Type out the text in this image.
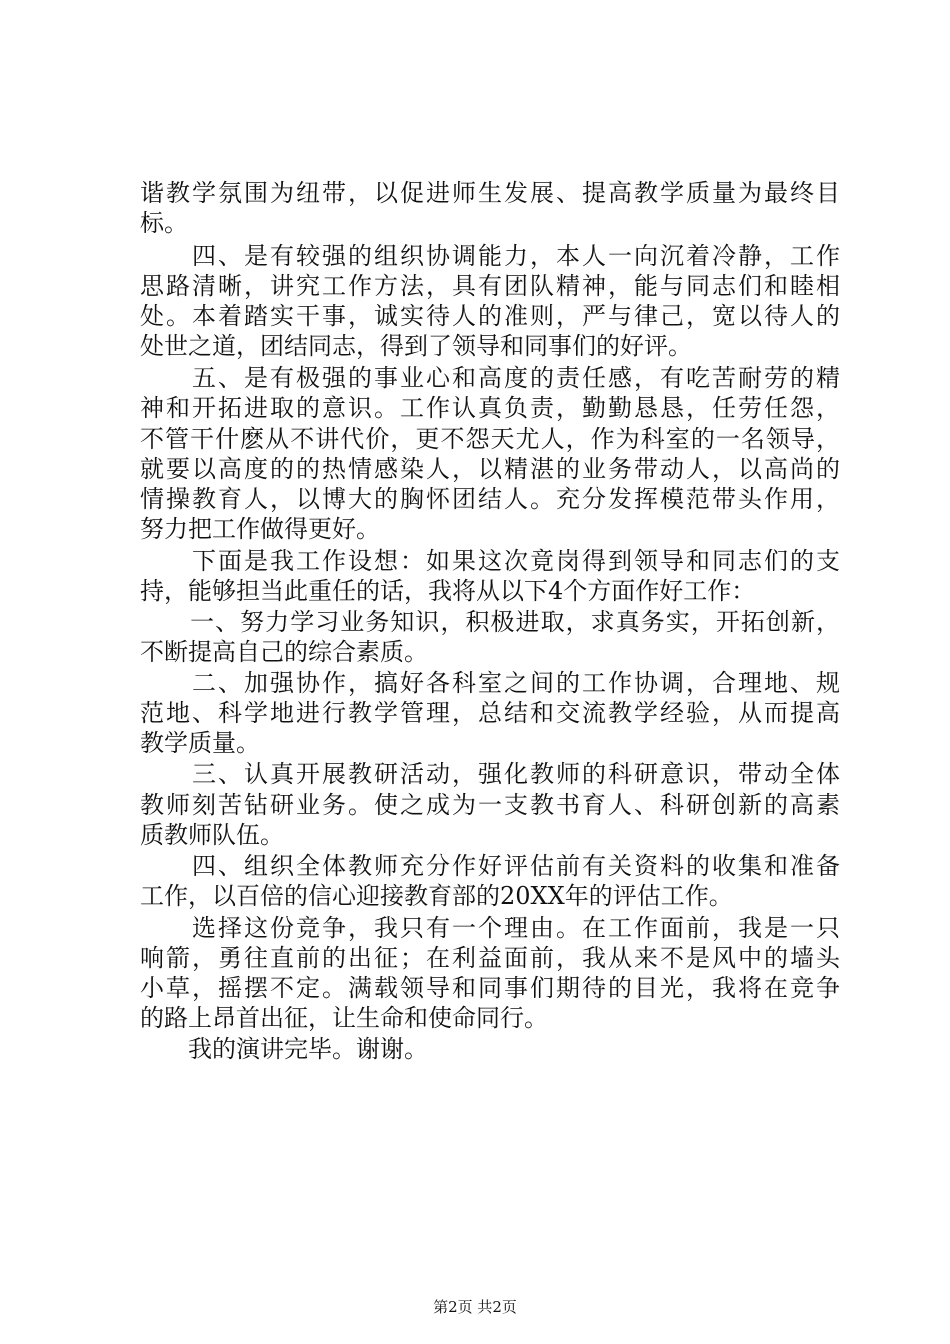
谐教学氛围为纽带，以促进师生发展、提高教学质量为最终目
标。
　　四、是有较强的组织协调能力，本人一向沉着冷静，工作
思路清晰，讲究工作方法，具有团队精神，能与同志们和睦相
处。本着踏实干事，诚实待人的准则，严与律己，宽以待人的
处世之道，团结同志，得到了领导和同事们的好评。
　　五、是有极强的事业心和高度的责任感，有吃苦耐劳的精
神和开拓进取的意识。工作认真负责，勤勤恳恳，任劳任怨，
不管干什麽从不讲代价，更不怨天尤人，作为科室的一名领导，
就要以高度的的热情感染人，以精湛的业务带动人，以高尚的
情操教育人，以博大的胸怀团结人。充分发挥模范带头作用，
努力把工作做得更好。
　　下面是我工作设想：如果这次竟岗得到领导和同志们的支
持，能够担当此重任的话，我将从以下4个方面作好工作：
　　一、努力学习业务知识，积极进取，求真务实，开拓创新，
不断提高自己的综合素质。
　　二、加强协作，搞好各科室之间的工作协调，合理地、规
范地、科学地进行教学管理，总结和交流教学经验，从而提高
教学质量。
　　三、认真开展教研活动，强化教师的科研意识，带动全体
教师刻苦钻研业务。使之成为一支教书育人、科研创新的高素
质教师队伍。
　　四、组织全体教师充分作好评估前有关资料的收集和准备
工作，以百倍的信心迎接教育部的20XX年的评估工作。
　　选择这份竞争，我只有一个理由。在工作面前，我是一只
响箭，勇往直前的出征；在利益面前，我从来不是风中的墙头
小草，摇摆不定。满载领导和同事们期待的目光，我将在竞争
的路上昂首出征，让生命和使命同行。
　　我的演讲完毕。谢谢。
第2页 共2页
